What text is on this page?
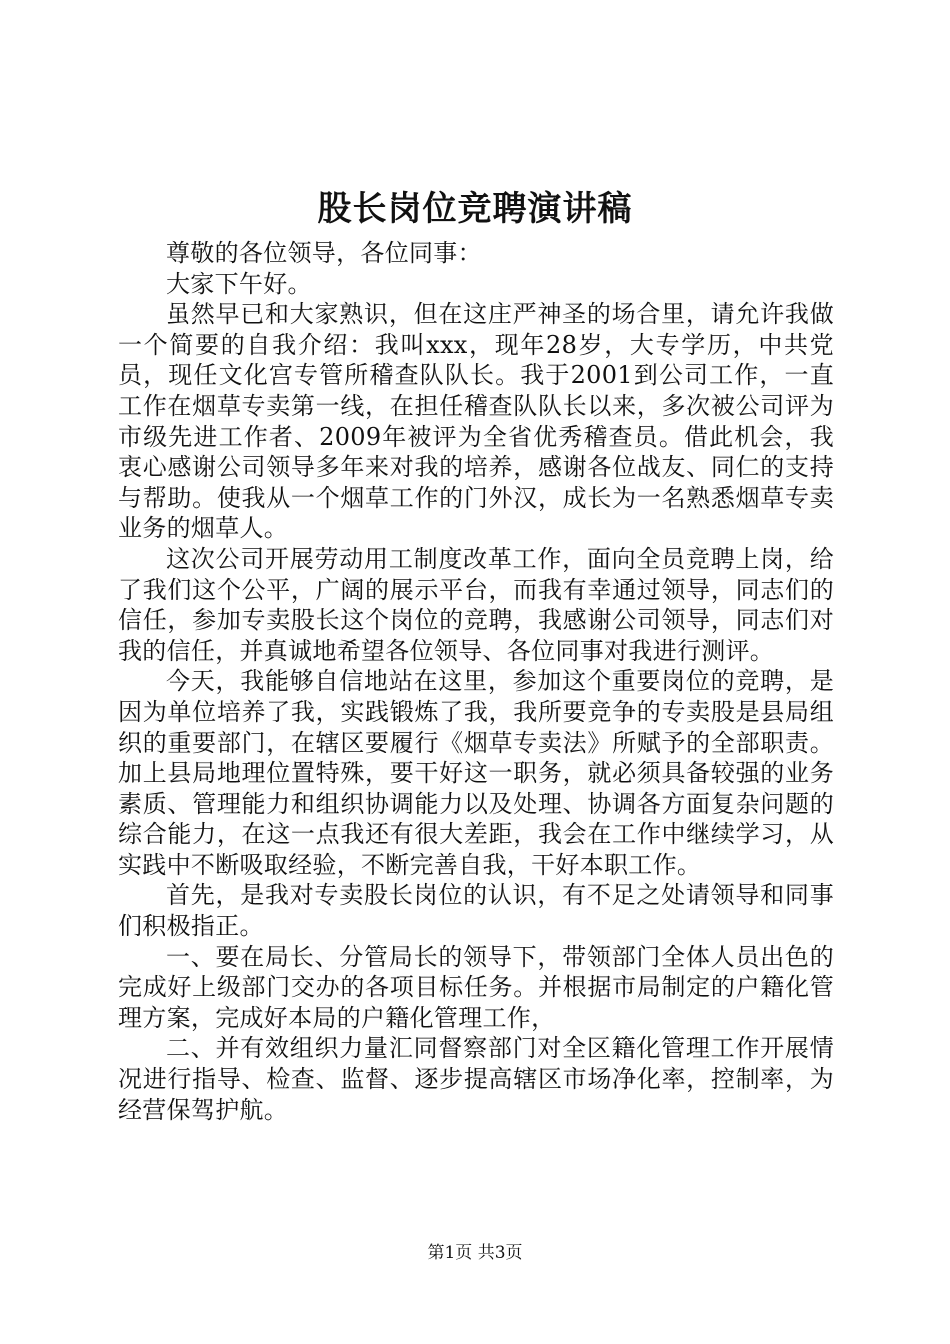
股长岗位竞聘演讲稿

尊敬的各位领导，各位同事：

大家下午好。

虽然早已和大家熟识，但在这庄严神圣的场合里，请允许我做一个简要的自我介绍：我叫xxx，现年28岁，大专学历，中共党员，现任文化宫专管所稽查队队长。我于2001到公司工作，一直工作在烟草专卖第一线，在担任稽查队队长以来，多次被公司评为市级先进工作者、2009年被评为全省优秀稽查员。借此机会，我衷心感谢公司领导多年来对我的培养，感谢各位战友、同仁的支持与帮助。使我从一个烟草工作的门外汉，成长为一名熟悉烟草专卖业务的烟草人。

这次公司开展劳动用工制度改革工作，面向全员竞聘上岗，给了我们这个公平，广阔的展示平台，而我有幸通过领导，同志们的信任，参加专卖股长这个岗位的竞聘，我感谢公司领导，同志们对我的信任，并真诚地希望各位领导、各位同事对我进行测评。

今天，我能够自信地站在这里，参加这个重要岗位的竞聘，是因为单位培养了我，实践锻炼了我，我所要竞争的专卖股是县局组织的重要部门，在辖区要履行《烟草专卖法》所赋予的全部职责。加上县局地理位置特殊，要干好这一职务，就必须具备较强的业务素质、管理能力和组织协调能力以及处理、协调各方面复杂问题的综合能力，在这一点我还有很大差距，我会在工作中继续学习，从实践中不断吸取经验，不断完善自我，干好本职工作。

首先，是我对专卖股长岗位的认识，有不足之处请领导和同事们积极指正。

一、要在局长、分管局长的领导下，带领部门全体人员出色的完成好上级部门交办的各项目标任务。并根据市局制定的户籍化管理方案，完成好本局的户籍化管理工作，

二、并有效组织力量汇同督察部门对全区籍化管理工作开展情况进行指导、检查、监督、逐步提高辖区市场净化率，控制率，为经营保驾护航。

第1页 共3页
